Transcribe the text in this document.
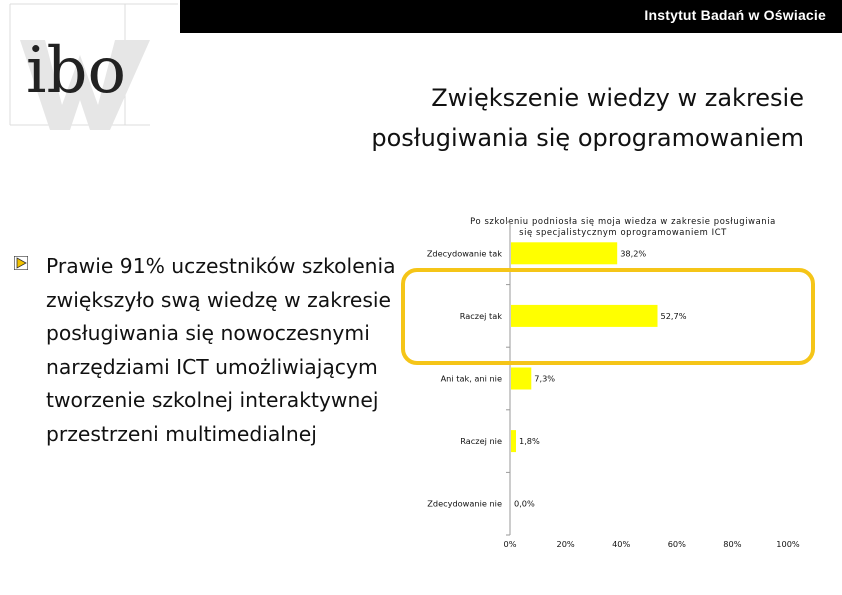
Instytut Badań w Oświacie
ibo	Zwiększenie wiedzy w zakresie
posługiwania się oprogramowaniem
Prawie 91% uczestników szkolenia zwiększyło swą wiedzę w zakresie posługiwania się nowoczesnymi narzędziami ICT umożliwiającym tworzenie szkolnej interaktywnej przestrzeni multimedialnej
Po szkoleniu podniosła się moja wiedza w zakresie posługiwania się specjalistycznym oprogramowaniem ICT
Zdecydowanie tak	38,2%
Raczej tak	52,7%
Ani tak, ani nie	7,3%
Raczej nie 1,8%
Zdecydowanie nie 0,0%
0%	20%	40%	60%	80%	100%
